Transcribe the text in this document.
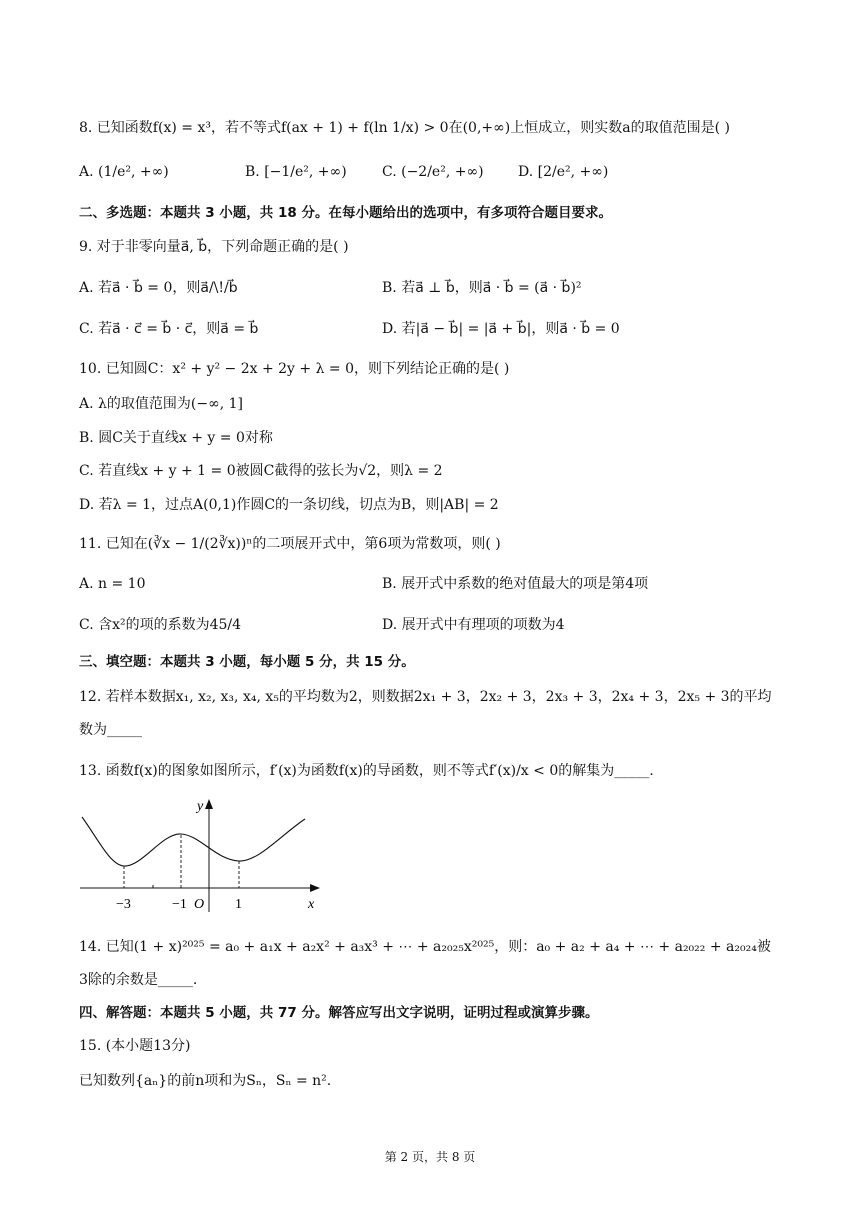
8. 已知函数f(x) = x³，若不等式f(ax + 1) + f(ln 1/x) > 0在(0,+∞)上恒成立，则实数a的取值范围是( )
A. (1/e², +∞)	B. [−1/e², +∞)	C. (−2/e², +∞) D. [2/e², +∞)
二、多选题：本题共 3 小题，共 18 分。在每小题给出的选项中，有多项符合题目要求。
9. 对于非零向量a⃗, b⃗，下列命题正确的是( )
A. 若a⃗ · b⃗ = 0，则a⃗/\!/b⃗	B. 若a⃗ ⊥ b⃗，则a⃗ · b⃗ = (a⃗ · b⃗)²
C. 若a⃗ · c⃗ = b⃗ · c⃗，则a⃗ = b⃗	D. 若|a⃗ − b⃗| = |a⃗ + b⃗|，则a⃗ · b⃗ = 0
10. 已知圆C：x² + y² − 2x + 2y + λ = 0，则下列结论正确的是( )
A. λ的取值范围为(−∞, 1]
B. 圆C关于直线x + y = 0对称
C. 若直线x + y + 1 = 0被圆C截得的弦长为√2，则λ = 2
D. 若λ = 1，过点A(0,1)作圆C的一条切线，切点为B，则|AB| = 2
11. 已知在(∛x − 1/(2∛x))ⁿ的二项展开式中，第6项为常数项，则( )
A. n = 10	B. 展开式中系数的绝对值最大的项是第4项
C. 含x²的项的系数为45/4	D. 展开式中有理项的项数为4
三、填空题：本题共 3 小题，每小题 5 分，共 15 分。
12. 若样本数据x₁, x₂, x₃, x₄, x₅的平均数为2，则数据2x₁ + 3，2x₂ + 3，2x₃ + 3，2x₄ + 3，2x₅ + 3的平均
数为_____
13. 函数f(x)的图象如图所示，f′(x)为函数f(x)的导函数，则不等式f′(x)/x < 0的解集为_____.
y
x
O
−3	−1	1
14. 已知(1 + x)²⁰²⁵ = a₀ + a₁x + a₂x² + a₃x³ + ⋯ + a₂₀₂₅x²⁰²⁵，则：a₀ + a₂ + a₄ + ⋯ + a₂₀₂₂ + a₂₀₂₄被
3除的余数是_____.
四、解答题：本题共 5 小题，共 77 分。解答应写出文字说明，证明过程或演算步骤。
15. (本小题13分)
已知数列{aₙ}的前n项和为Sₙ，Sₙ = n².
第 2 页，共 8 页
